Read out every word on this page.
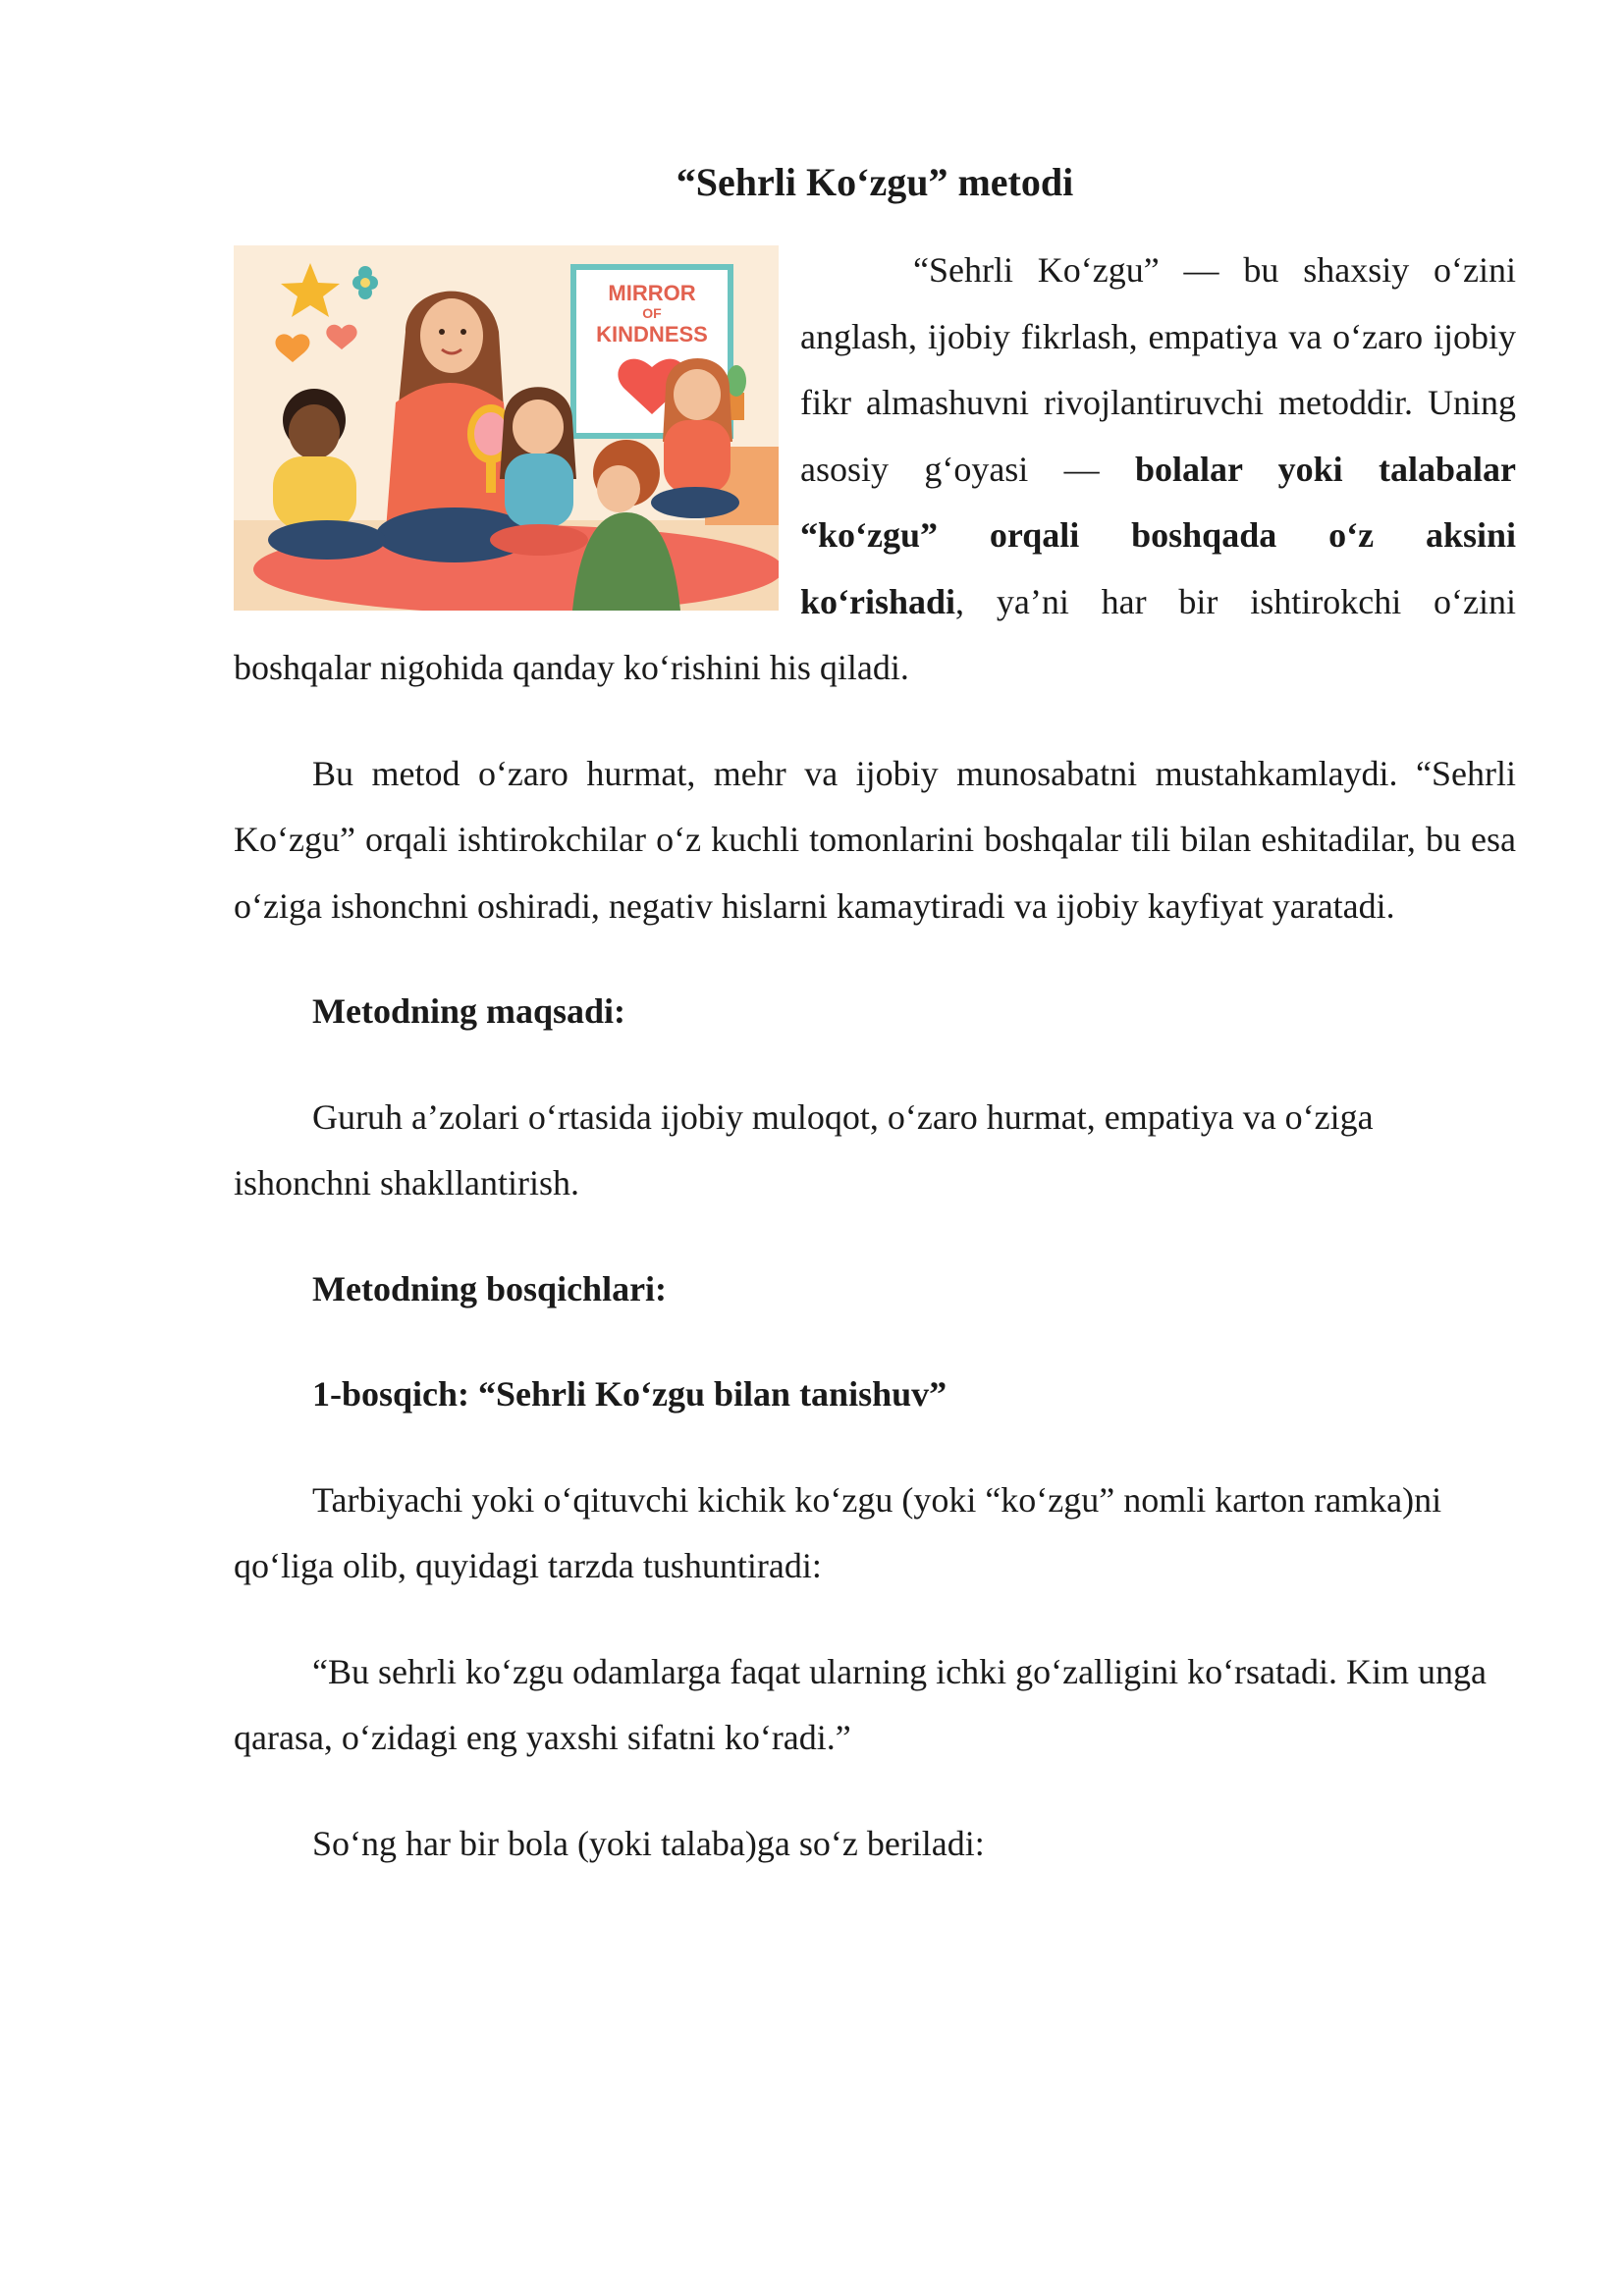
“Sehrli Ko‘zgu” metodi
MIRROR
OF
KINDNESS

“Sehrli Ko‘zgu” — bu shaxsiy o‘zini anglash, ijobiy fikrlash, empatiya va o‘zaro ijobiy fikr almashuvni rivojlantiruvchi metoddir. Uning asosiy g‘oyasi — bolalar yoki talabalar “ko‘zgu” orqali boshqada o‘z aksini ko‘rishadi, ya’ni har bir ishtirokchi o‘zini boshqalar nigohida qanday ko‘rishini his qiladi.

Bu metod o‘zaro hurmat, mehr va ijobiy munosabatni mustahkamlaydi. “Sehrli Ko‘zgu” orqali ishtirokchilar o‘z kuchli tomonlarini boshqalar tili bilan eshitadilar, bu esa o‘ziga ishonchni oshiradi, negativ hislarni kamaytiradi va ijobiy kayfiyat yaratadi.

Metodning maqsadi:

Guruh a’zolari o‘rtasida ijobiy muloqot, o‘zaro hurmat, empatiya va o‘ziga ishonchni shakllantirish.

Metodning bosqichlari:

1-bosqich: “Sehrli Ko‘zgu bilan tanishuv”

Tarbiyachi yoki o‘qituvchi kichik ko‘zgu (yoki “ko‘zgu” nomli karton ramka)ni qo‘liga olib, quyidagi tarzda tushuntiradi:

“Bu sehrli ko‘zgu odamlarga faqat ularning ichki go‘zalligini ko‘rsatadi. Kim unga qarasa, o‘zidagi eng yaxshi sifatni ko‘radi.”

So‘ng har bir bola (yoki talaba)ga so‘z beriladi:
